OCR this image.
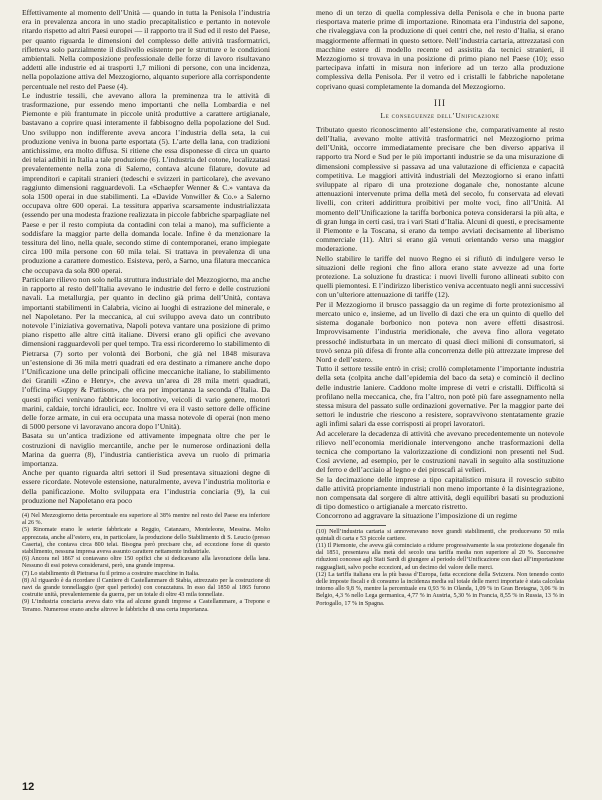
Effettivamente al momento dell’Unità — quando in tutta la Penisola l’industria era in prevalenza ancora in uno stadio precapitalistico e pertanto in notevole ritardo rispetto ad altri Paesi europei — il rapporto tra il Sud ed il resto del Paese, per quanto riguarda le dimensioni del complesso delle attività trasformatrici, rifletteva solo parzialmente il dislivello esistente per le strutture e le condizioni ambientali. Nella composizione professionale delle forze di lavoro risultavano addetti alle industrie ed ai trasporti 1,7 milioni di persone, con una incidenza, nella popolazione attiva del Mezzogiorno, alquanto superiore alla corrispondente percentuale nel resto del Paese (4).

Le industrie tessili, che avevano allora la preminenza tra le attività di trasformazione, pur essendo meno importanti che nella Lombardia e nel Piemonte e più frantumate in piccole unità produttive a carattere artigianale, bastavano a coprire quasi interamente il fabbisogno della popolazione del Sud. Uno sviluppo non indifferente aveva ancora l’industria della seta, la cui produzione veniva in buona parte esportata (5). L’arte della lana, con tradizioni antichissime, era molto diffusa. Si ritiene che essa disponesse di circa un quarto dei telai adibiti in Italia a tale produzione (6). L’industria del cotone, localizzatasi prevalentemente nella zona di Salerno, contava alcune filature, dovute ad imprenditori e capitali stranieri (tedeschi e svizzeri in particolare), che avevano raggiunto dimensioni ragguardevoli. La «Schaepfer Wenner & C.» vantava da sola 1500 operai in due stabilimenti. La «Davide Vonwiller & Co.» a Salerno occupava oltre 600 operai. La tessitura appariva scarsamente industrializzata (essendo per una modesta frazione realizzata in piccole fabbriche sparpagliate nel Paese e per il resto compiuta da contadini con telai a mano), ma sufficiente a soddisfare la maggior parte della domanda locale. Infine è da menzionare la tessitura del lino, nella quale, secondo stime di contemporanei, erano impiegate circa 100 mila persone con 60 mila telai. Si trattava in prevalenza di una produzione a carattere domestico. Esisteva, però, a Sarno, una filatura meccanica che occupava da sola 800 operai.

Particolare rilievo non solo nella struttura industriale del Mezzogiorno, ma anche in rapporto al resto dell’Italia avevano le industrie del ferro e delle costruzioni navali. La metallurgia, per quanto in declino già prima dell’Unità, contava importanti stabilimenti in Calabria, vicino ai luoghi di estrazione del minerale, e nel Napoletano. Per la meccanica, al cui sviluppo aveva dato un contributo notevole l’iniziativa governativa, Napoli poteva vantare una posizione di primo piano rispetto alle altre città italiane. Diversi erano gli opifici che avevano dimensioni ragguardevoli per quel tempo. Tra essi ricorderemo lo stabilimento di Pietrarsa (7) sorto per volontà dei Borboni, che già nel 1848 misurava un’estensione di 36 mila metri quadrati ed era destinato a rimanere anche dopo l’Unificazione una delle principali officine meccaniche italiane, lo stabilimento dei Granili «Zino e Henry», che aveva un’area di 28 mila metri quadrati, l’officina «Guppy & Pattison», che era per importanza la seconda d’Italia. Da questi opifici venivano fabbricate locomotive, veicoli di vario genere, motori marini, caldaie, torchi idraulici, ecc. Inoltre vi era il vasto settore delle officine delle forze armate, in cui era occupata una massa notevole di operai (non meno di 5000 persone vi lavoravano ancora dopo l’Unità).

Basata su un’antica tradizione ed attivamente impegnata oltre che per le costruzioni di naviglio mercantile, anche per le numerose ordinazioni della Marina da guerra (8), l’industria cantieristica aveva un ruolo di primaria importanza.

Anche per quanto riguarda altri settori il Sud presentava situazioni degne di essere ricordate. Notevole estensione, naturalmente, aveva l’industria molitoria e della panificazione. Molto sviluppata era l’industria conciaria (9), la cui produzione nel Napoletano era poco

(4) Nel Mezzogiorno detta percentuale era superiore al 38% mentre nel resto del Paese era inferiore al 26 %.

(5) Rinomate erano le seterie fabbricate a Reggio, Catanzaro, Monteleone, Messina. Molto apprezzata, anche all’estero, era, in particolare, la produzione dello Stabilimento di S. Leucio (presso Caserta), che contava circa 800 telai. Bisogna però precisare che, ad eccezione forse di questo stabilimento, nessuna impresa aveva assunto carattere nettamente industriale.

(6) Ancora nel 1867 si contavano oltre 150 opifici che si dedicavano alla lavorazione della lana. Nessuno di essi poteva considerarsi, però, una grande impresa.

(7) Lo stabilimento di Pietrarsa fu il primo a costruire macchine in Italia.

(8) Al riguardo è da ricordare il Cantiere di Castellammare di Stabia, attrezzato per la costruzione di navi da grande tonnellaggio (per quel periodo) con corazzatura. In esso dal 1850 al 1865 furono costruite unità, prevalentemente da guerra, per un totale di oltre 43 mila tonnellate.

(9) L’industria conciaria aveva dato vita ad alcune grandi imprese a Castellammare, a Trepone e Teramo. Numerose erano anche altrove le fabbriche di una certa importanza.

meno di un terzo di quella complessiva della Penisola e che in buona parte riesportava materie prime di importazione. Rinomata era l’industria del sapone, che rivaleggiava con la produzione di quei centri che, nel resto d’Italia, si erano maggiormente affermati in questo settore. Nell’industria cartaria, attrezzatasi con macchine estere di modello recente ed assistita da tecnici stranieri, il Mezzogiorno si trovava in una posizione di primo piano nel Paese (10); esso partecipava infatti in misura non inferiore ad un terzo alla produzione complessiva della Penisola. Per il vetro ed i cristalli le fabbriche napoletane coprivano quasi completamente la domanda del Mezzogiorno.

III
Le conseguenze dell’Unificazione

Tributato questo riconoscimento all’estensione che, comparativamente al resto dell’Italia, avevano molte attività trasformatrici nel Mezzogiorno prima dell’Unità, occorre immediatamente precisare che ben diverso appariva il rapporto tra Nord e Sud per le più importanti industrie se da una misurazione di dimensioni complessive si passava ad una valutazione di efficienza e capacità competitiva. Le maggiori attività industriali del Mezzogiorno si erano infatti sviluppate al riparo di una protezione doganale che, nonostante alcune attenuazioni intervenute prima della metà del secolo, fu conservata ad elevati livelli, con criteri addirittura proibitivi per molte voci, fino all’Unità. Al momento dell’Unificazione la tariffa borbonica poteva considerarsi la più alta, e di gran lunga in certi casi, tra i vari Stati d’Italia. Alcuni di questi, e precisamente il Piemonte e la Toscana, si erano da tempo avviati decisamente al liberismo commerciale (11). Altri si erano già venuti orientando verso una maggior moderazione.

Nello stabilire le tariffe del nuovo Regno ei si rifiutò di indulgere verso le situazioni delle regioni che fino allora erano state avvezze ad una forte protezione. La soluzione fu drastica: i nuovi livelli furono allineati subito con quelli piemontesi. E l’indirizzo liberistico veniva accentuato negli anni successivi con un’ulteriore attenuazione di tariffe (12).

Per il Mezzogiorno il brusco passaggio da un regime di forte protezionismo al mercato unico e, insieme, ad un livello di dazi che era un quinto di quello del sistema doganale borbonico non poteva non avere effetti disastrosi. Improvvisamente l’industria meridionale, che aveva fino allora vegetato pressoché indisturbata in un mercato di quasi dieci milioni di consumatori, si trovò senza più difesa di fronte alla concorrenza delle più attrezzate imprese del Nord e dell’estero.

Tutto il settore tessile entrò in crisi; crollò completamente l’importante industria della seta (colpita anche dall’epidemia del baco da seta) e cominciò il declino delle industrie laniere. Caddono molte imprese di vetri e cristalli. Difficoltà si profilano nella meccanica, che, fra l’altro, non potè più fare assegnamento nella stessa misura del passato sulle ordinazioni governative. Per la maggior parte dei settori le industrie che riescono a resistere, sopravvivono stentatamente grazie agli infimi salari da esse corrisposti ai propri lavoratori.

Ad accelerare la decadenza di attività che avevano precedentemente un notevole rilievo nell’economia meridionale intervengono anche trasformazioni della tecnica che comportano la valorizzazione di condizioni non presenti nel Sud. Così avviene, ad esempio, per le costruzioni navali in seguito alla sostituzione del ferro e dell’acciaio al legno e dei piroscafi ai velieri.

Se la decimazione delle imprese a tipo capitalistico misura il rovescio subito dalle attività propriamente industriali non meno importante è la disintegrazione, non compensata dal sorgere di altre attività, degli equilibri basati su produzioni di tipo domestico o artigianale a mercato ristretto.

Concorrono ad aggravare la situazione l’imposizione di un regime

(10) Nell’industria cartaria si annoveravano nove grandi stabilimenti, che producevano 50 mila quintali di carta e 53 piccole cartiere.

(11) Il Piemonte, che aveva già cominciato a ridurre progressivamente la sua protezione doganale fin dal 1851, presentava alla metà del secolo una tariffa media non superiore al 20 %. Successive riduzioni concesse agli Stati Sardi di giungere al periodo dell’Unificazione con dazi all’importazione ragguagliati, salvo poche eccezioni, ad un decimo del valore delle merci.

(12) La tariffa italiana era la più bassa d’Europa, fatta eccezione della Svizzera. Non tenendo conto delle imposte fiscali e di consumo la incidenza media sul totale delle merci importate è stata calcolata intorno allo 9,8 %, mentre la percentuale era 0,93 % in Olanda, 1,09 % in Gran Bretagna, 3,06 % in Belgio, 4,3 % nello Lega germanica, 4,77 % in Austria, 5,30 % in Francia, 8,55 % in Russia, 13 % in Portogallo, 17 % in Spagna.

12
